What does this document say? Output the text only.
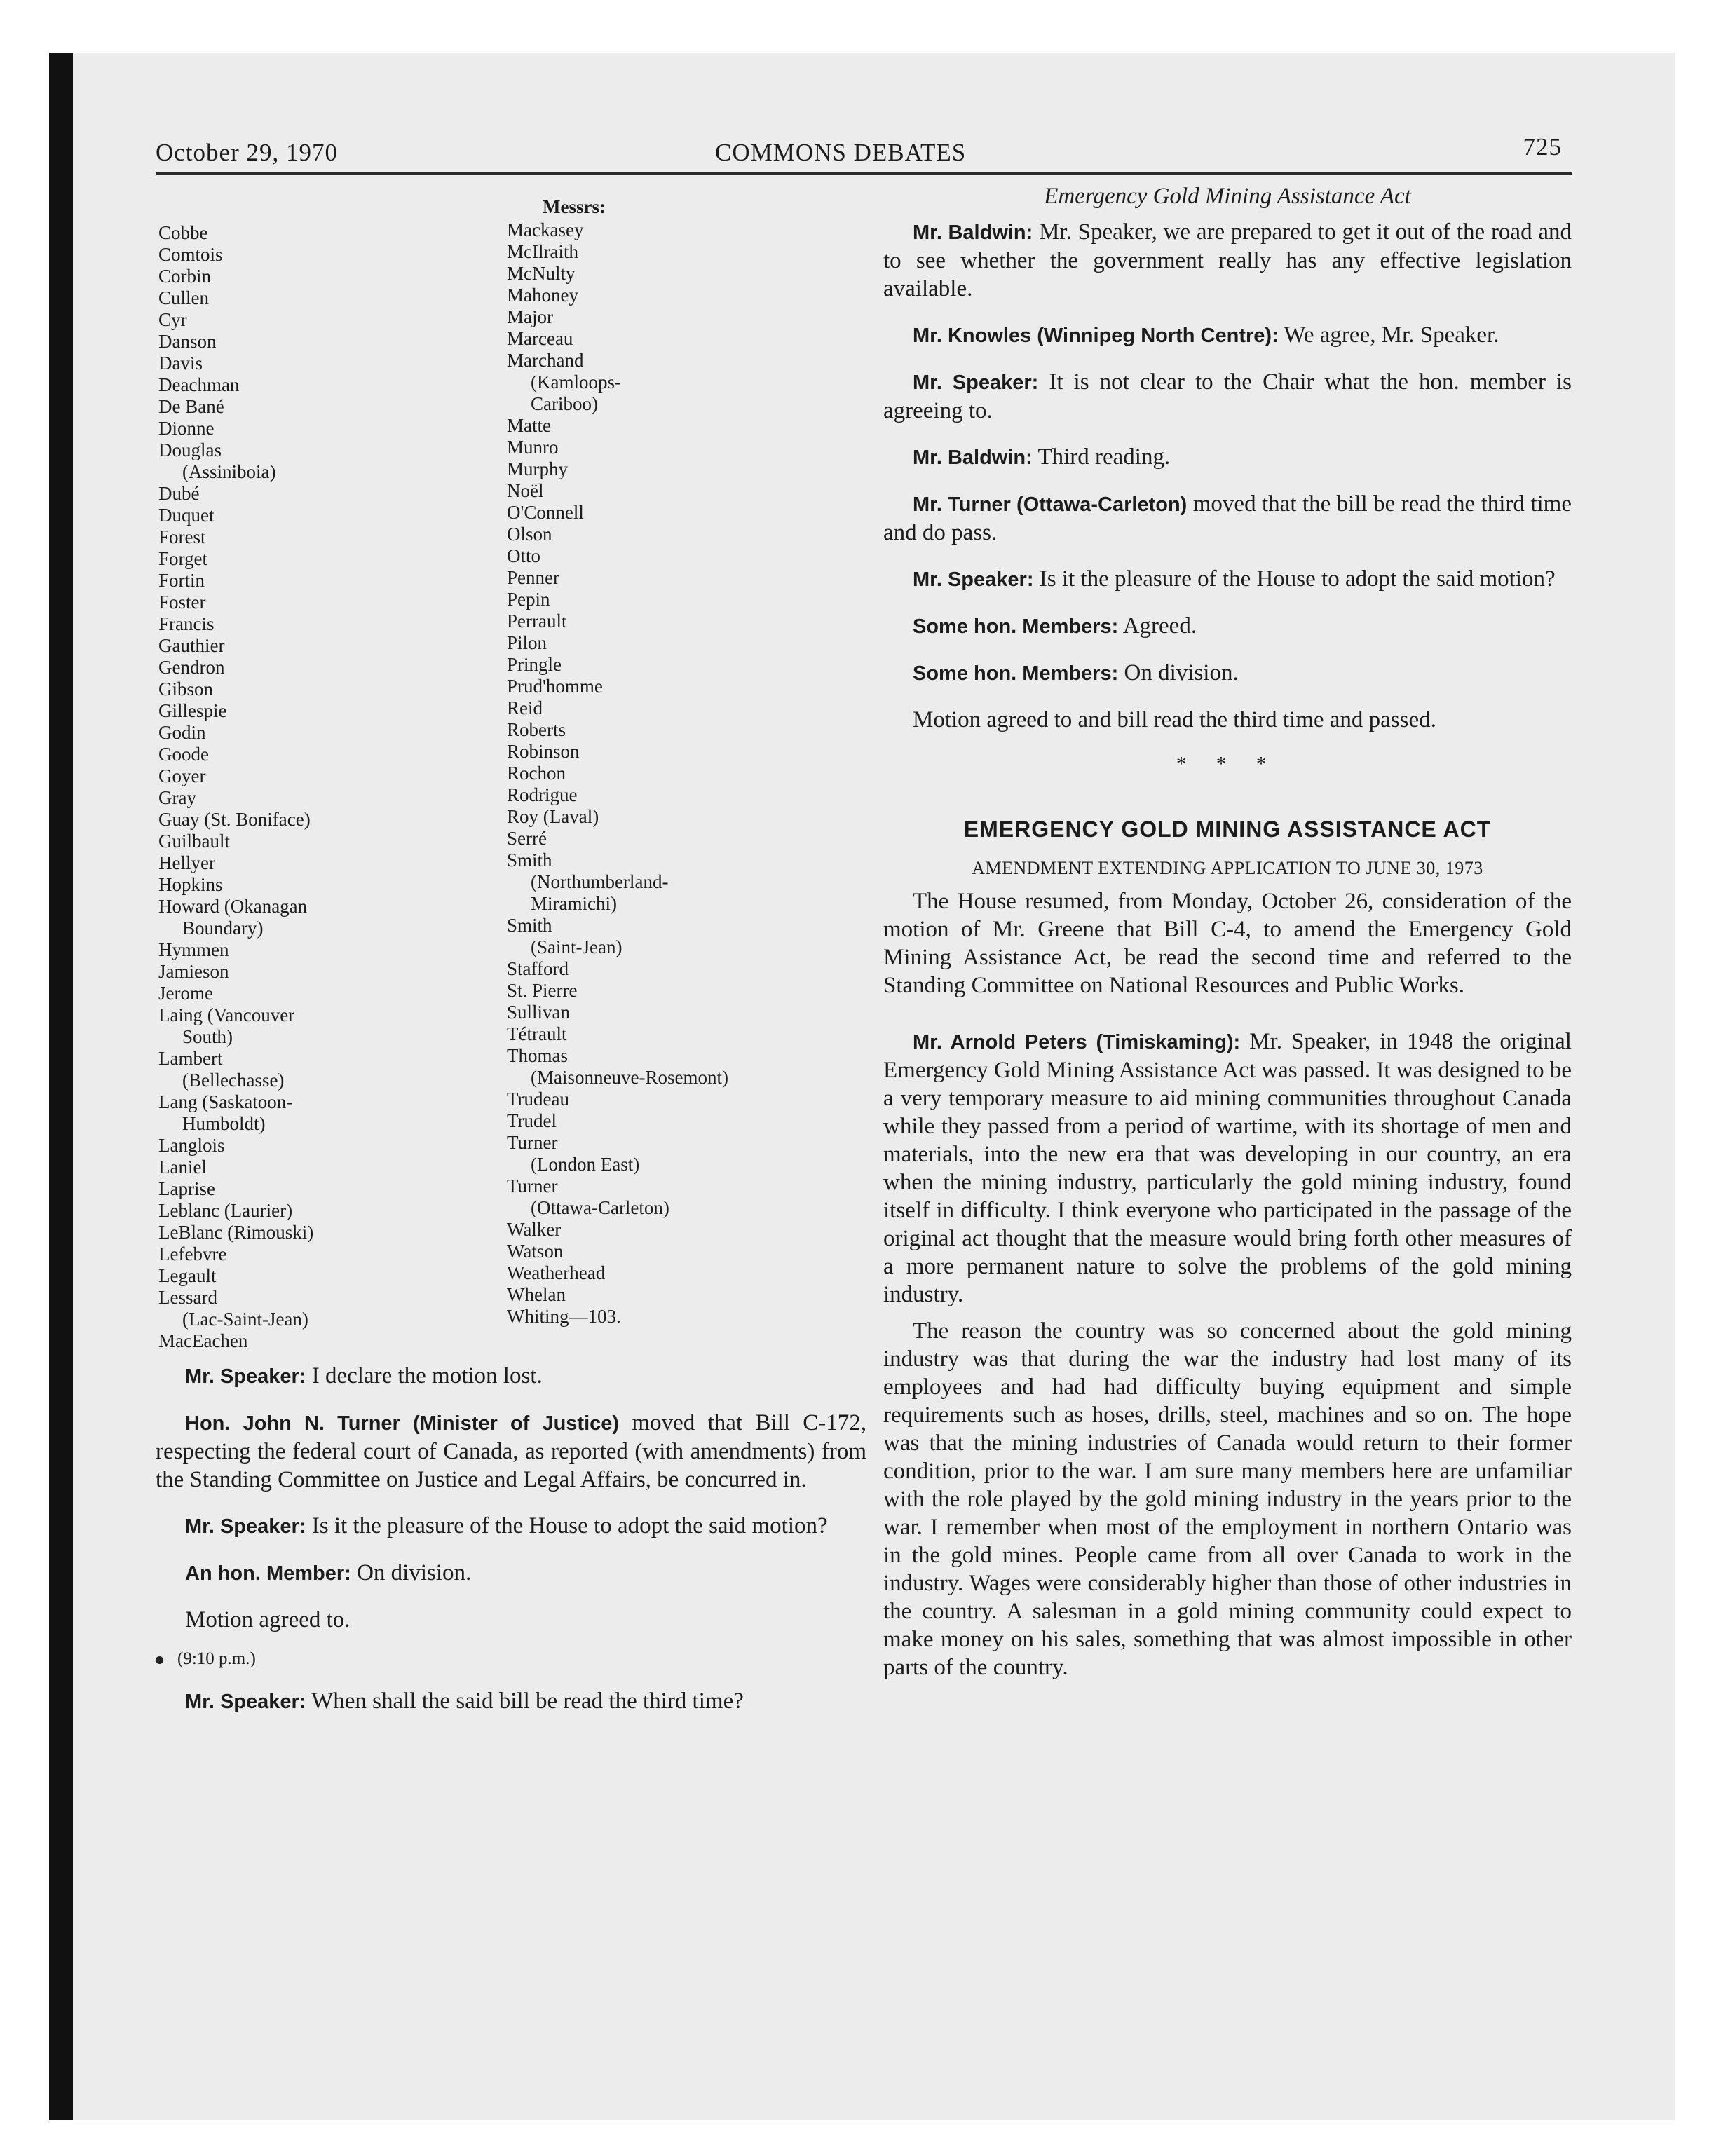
October 29, 1970	COMMONS DEBATES	725
Messrs:
Cobbe
Comtois
Corbin
Cullen
Cyr
Danson
Davis
Deachman
De Bané
Dionne
Douglas
(Assiniboia)
Dubé
Duquet
Forest
Forget
Fortin
Foster
Francis
Gauthier
Gendron
Gibson
Gillespie
Godin
Goode
Goyer
Gray
Guay (St. Boniface)
Guilbault
Hellyer
Hopkins
Howard (Okanagan
Boundary)
Hymmen
Jamieson
Jerome
Laing (Vancouver
South)
Lambert
(Bellechasse)
Lang (Saskatoon-
Humboldt)
Langlois
Laniel
Laprise
Leblanc (Laurier)
LeBlanc (Rimouski)
Lefebvre
Legault
Lessard
(Lac-Saint-Jean)
MacEachen
Mackasey
McIlraith
McNulty
Mahoney
Major
Marceau
Marchand
(Kamloops-
Cariboo)
Matte
Munro
Murphy
Noël
O'Connell
Olson
Otto
Penner
Pepin
Perrault
Pilon
Pringle
Prud'homme
Reid
Roberts
Robinson
Rochon
Rodrigue
Roy (Laval)
Serré
Smith
(Northumberland-
Miramichi)
Smith
(Saint-Jean)
Stafford
St. Pierre
Sullivan
Tétrault
Thomas
(Maisonneuve-Rosemont)
Trudeau
Trudel
Turner
(London East)
Turner
(Ottawa-Carleton)
Walker
Watson
Weatherhead
Whelan
Whiting—103.

Mr. Speaker: I declare the motion lost.

Hon. John N. Turner (Minister of Justice) moved that Bill C-172, respecting the federal court of Canada, as reported (with amendments) from the Standing Committee on Justice and Legal Affairs, be concurred in.

Mr. Speaker: Is it the pleasure of the House to adopt the said motion?

An hon. Member: On division.

Motion agreed to.

(9:10 p.m.)

Mr. Speaker: When shall the said bill be read the third time?

Emergency Gold Mining Assistance Act

Mr. Baldwin: Mr. Speaker, we are prepared to get it out of the road and to see whether the government really has any effective legislation available.

Mr. Knowles (Winnipeg North Centre): We agree, Mr. Speaker.

Mr. Speaker: It is not clear to the Chair what the hon. member is agreeing to.

Mr. Baldwin: Third reading.

Mr. Turner (Ottawa-Carleton) moved that the bill be read the third time and do pass.

Mr. Speaker: Is it the pleasure of the House to adopt the said motion?

Some hon. Members: Agreed.

Some hon. Members: On division.

Motion agreed to and bill read the third time and passed.

* * *
EMERGENCY GOLD MINING ASSISTANCE ACT
AMENDMENT EXTENDING APPLICATION TO JUNE 30, 1973

The House resumed, from Monday, October 26, consideration of the motion of Mr. Greene that Bill C-4, to amend the Emergency Gold Mining Assistance Act, be read the second time and referred to the Standing Committee on National Resources and Public Works.

Mr. Arnold Peters (Timiskaming): Mr. Speaker, in 1948 the original Emergency Gold Mining Assistance Act was passed. It was designed to be a very temporary measure to aid mining communities throughout Canada while they passed from a period of wartime, with its shortage of men and materials, into the new era that was developing in our country, an era when the mining industry, particularly the gold mining industry, found itself in difficulty. I think everyone who participated in the passage of the original act thought that the measure would bring forth other measures of a more permanent nature to solve the problems of the gold mining industry.

The reason the country was so concerned about the gold mining industry was that during the war the industry had lost many of its employees and had had difficulty buying equipment and simple requirements such as hoses, drills, steel, machines and so on. The hope was that the mining industries of Canada would return to their former condition, prior to the war. I am sure many members here are unfamiliar with the role played by the gold mining industry in the years prior to the war. I remember when most of the employment in northern Ontario was in the gold mines. People came from all over Canada to work in the industry. Wages were considerably higher than those of other industries in the country. A salesman in a gold mining community could expect to make money on his sales, something that was almost impossible in other parts of the country.
